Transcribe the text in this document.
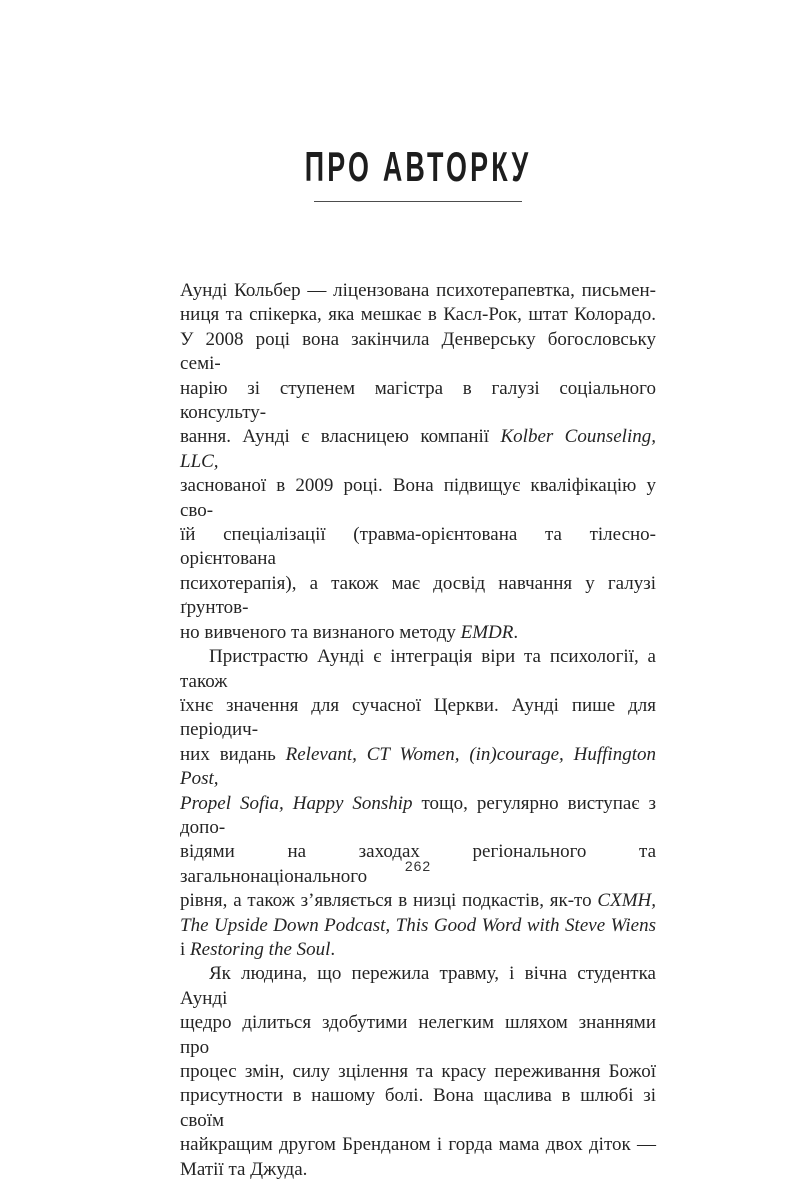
ПРО АВТОРКУ
Аунді Кольбер — ліцензована психотерапевтка, письмен-
ниця та спікерка, яка мешкає в Касл-Рок, штат Колорадо.
У 2008 році вона закінчила Денверську богословську семі-
нарію зі ступенем магістра в галузі соціального консульту-
вання. Аунді є власницею компанії Kolber Counseling, LLC,
заснованої в 2009 році. Вона підвищує кваліфікацію у сво-
їй спеціалізації (травма-орієнтована та тілесно-орієнтована
психотерапія), а також має досвід навчання у галузі ґрунтов-
но вивченого та визнаного методу EMDR.
Пристрастю Аунді є інтеграція віри та психології, а також
їхнє значення для сучасної Церкви. Аунді пише для періодич-
них видань Relevant, CT Women, (in)courage, Huffington Post,
Propel Sofia, Happy Sonship тощо, регулярно виступає з допо-
відями на заходах регіонального та загальнонаціонального
рівня, а також з’являється в низці подкастів, як-то CXMH,
The Upside Down Podcast, This Good Word with Steve Wiens
і Restoring the Soul.
Як людина, що пережила травму, і вічна студентка Аунді
щедро ділиться здобутими нелегким шляхом знаннями про
процес змін, силу зцілення та красу переживання Божої
присутности в нашому болі. Вона щаслива в шлюбі зі своїм
найкращим другом Бренданом і горда мама двох діток —
Матії та Джуда.
262
